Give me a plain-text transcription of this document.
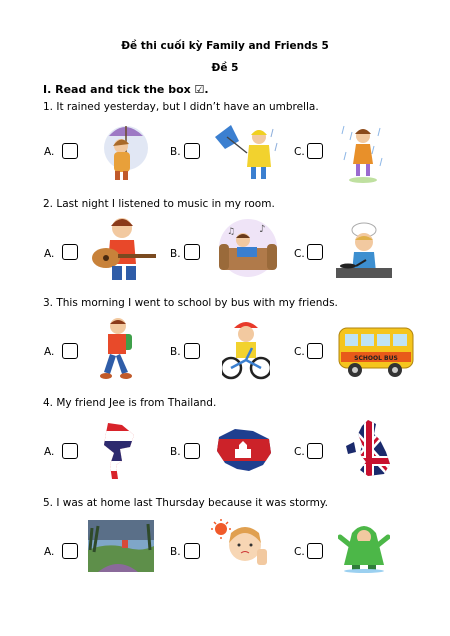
Đề thi cuối kỳ Family and Friends 5
Đề 5
I. Read and tick the box ☑.
1. It rained yesterday, but I didn’t have an umbrella.
A.	B.	C.
2. Last night I listened to music in my room.
A.	B.	C.
♪
♫
3. This morning I went to school by bus with my friends.
A.	B.	C.
SCHOOL BUS
4. My friend Jee is from Thailand.
A.	B.	C.
5. I was at home last Thursday because it was stormy.
A.	B.	C.
